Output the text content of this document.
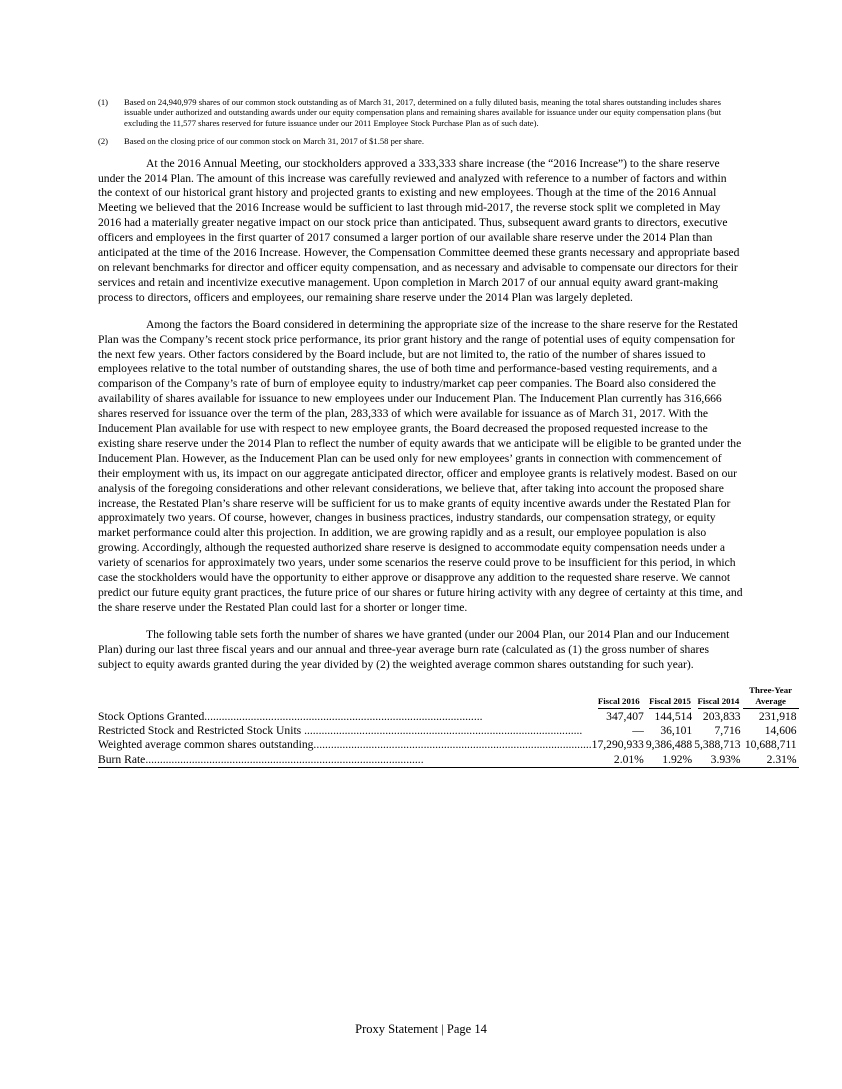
(1)	Based on 24,940,979 shares of our common stock outstanding as of March 31, 2017, determined on a fully diluted basis, meaning the total shares outstanding includes shares issuable under authorized and outstanding awards under our equity compensation plans and remaining shares available for issuance under our equity compensation plans (but excluding the 11,577 shares reserved for future issuance under our 2011 Employee Stock Purchase Plan as of such date).
(2)	Based on the closing price of our common stock on March 31, 2017 of $1.58 per share.

At the 2016 Annual Meeting, our stockholders approved a 333,333 share increase (the “2016 Increase”) to the share reserve under the 2014 Plan. The amount of this increase was carefully reviewed and analyzed with reference to a number of factors and within the context of our historical grant history and projected grants to existing and new employees. Though at the time of the 2016 Annual Meeting we believed that the 2016 Increase would be sufficient to last through mid-2017, the reverse stock split we completed in May 2016 had a materially greater negative impact on our stock price than anticipated. Thus, subsequent award grants to directors, executive officers and employees in the first quarter of 2017 consumed a larger portion of our available share reserve under the 2014 Plan than anticipated at the time of the 2016 Increase. However, the Compensation Committee deemed these grants necessary and appropriate based on relevant benchmarks for director and officer equity compensation, and as necessary and advisable to compensate our directors for their services and retain and incentivize executive management. Upon completion in March 2017 of our annual equity award grant-making process to directors, officers and employees, our remaining share reserve under the 2014 Plan was largely depleted.

Among the factors the Board considered in determining the appropriate size of the increase to the share reserve for the Restated Plan was the Company’s recent stock price performance, its prior grant history and the range of potential uses of equity compensation for the next few years. Other factors considered by the Board include, but are not limited to, the ratio of the number of shares issued to employees relative to the total number of outstanding shares, the use of both time and performance-based vesting requirements, and a comparison of the Company’s rate of burn of employee equity to industry/market cap peer companies. The Board also considered the availability of shares available for issuance to new employees under our Inducement Plan. The Inducement Plan currently has 316,666 shares reserved for issuance over the term of the plan, 283,333 of which were available for issuance as of March 31, 2017. With the Inducement Plan available for use with respect to new employee grants, the Board decreased the proposed requested increase to the existing share reserve under the 2014 Plan to reflect the number of equity awards that we anticipate will be eligible to be granted under the Inducement Plan. However, as the Inducement Plan can be used only for new employees’ grants in connection with commencement of their employment with us, its impact on our aggregate anticipated director, officer and employee grants is relatively modest. Based on our analysis of the foregoing considerations and other relevant considerations, we believe that, after taking into account the proposed share increase, the Restated Plan’s share reserve will be sufficient for us to make grants of equity incentive awards under the Restated Plan for approximately two years. Of course, however, changes in business practices, industry standards, our compensation strategy, or equity market performance could alter this projection. In addition, we are growing rapidly and as a result, our employee population is also growing. Accordingly, although the requested authorized share reserve is designed to accommodate equity compensation needs under a variety of scenarios for approximately two years, under some scenarios the reserve could prove to be insufficient for this period, in which case the stockholders would have the opportunity to either approve or disapprove any addition to the requested share reserve. We cannot predict our future equity grant practices, the future price of our shares or future hiring activity with any degree of certainty at this time, and the share reserve under the Restated Plan could last for a shorter or longer time.

The following table sets forth the number of shares we have granted (under our 2004 Plan, our 2014 Plan and our Inducement Plan) during our last three fiscal years and our annual and three-year average burn rate (calculated as (1) the gross number of shares subject to equity awards granted during the year divided by (2) the weighted average common shares outstanding for such year).

	Fiscal 2016	Fiscal 2015	Fiscal 2014	Three-Year Average
Stock Options Granted .....	347,407	144,514	203,833	231,918
Restricted Stock and Restricted Stock Units .....	—	36,101	7,716	14,606
Weighted average common shares outstanding .....	17,290,933	9,386,488	5,388,713	10,688,711
Burn Rate .....	2.01%	1.92%	3.93%	2.31%
Proxy Statement | Page 14
